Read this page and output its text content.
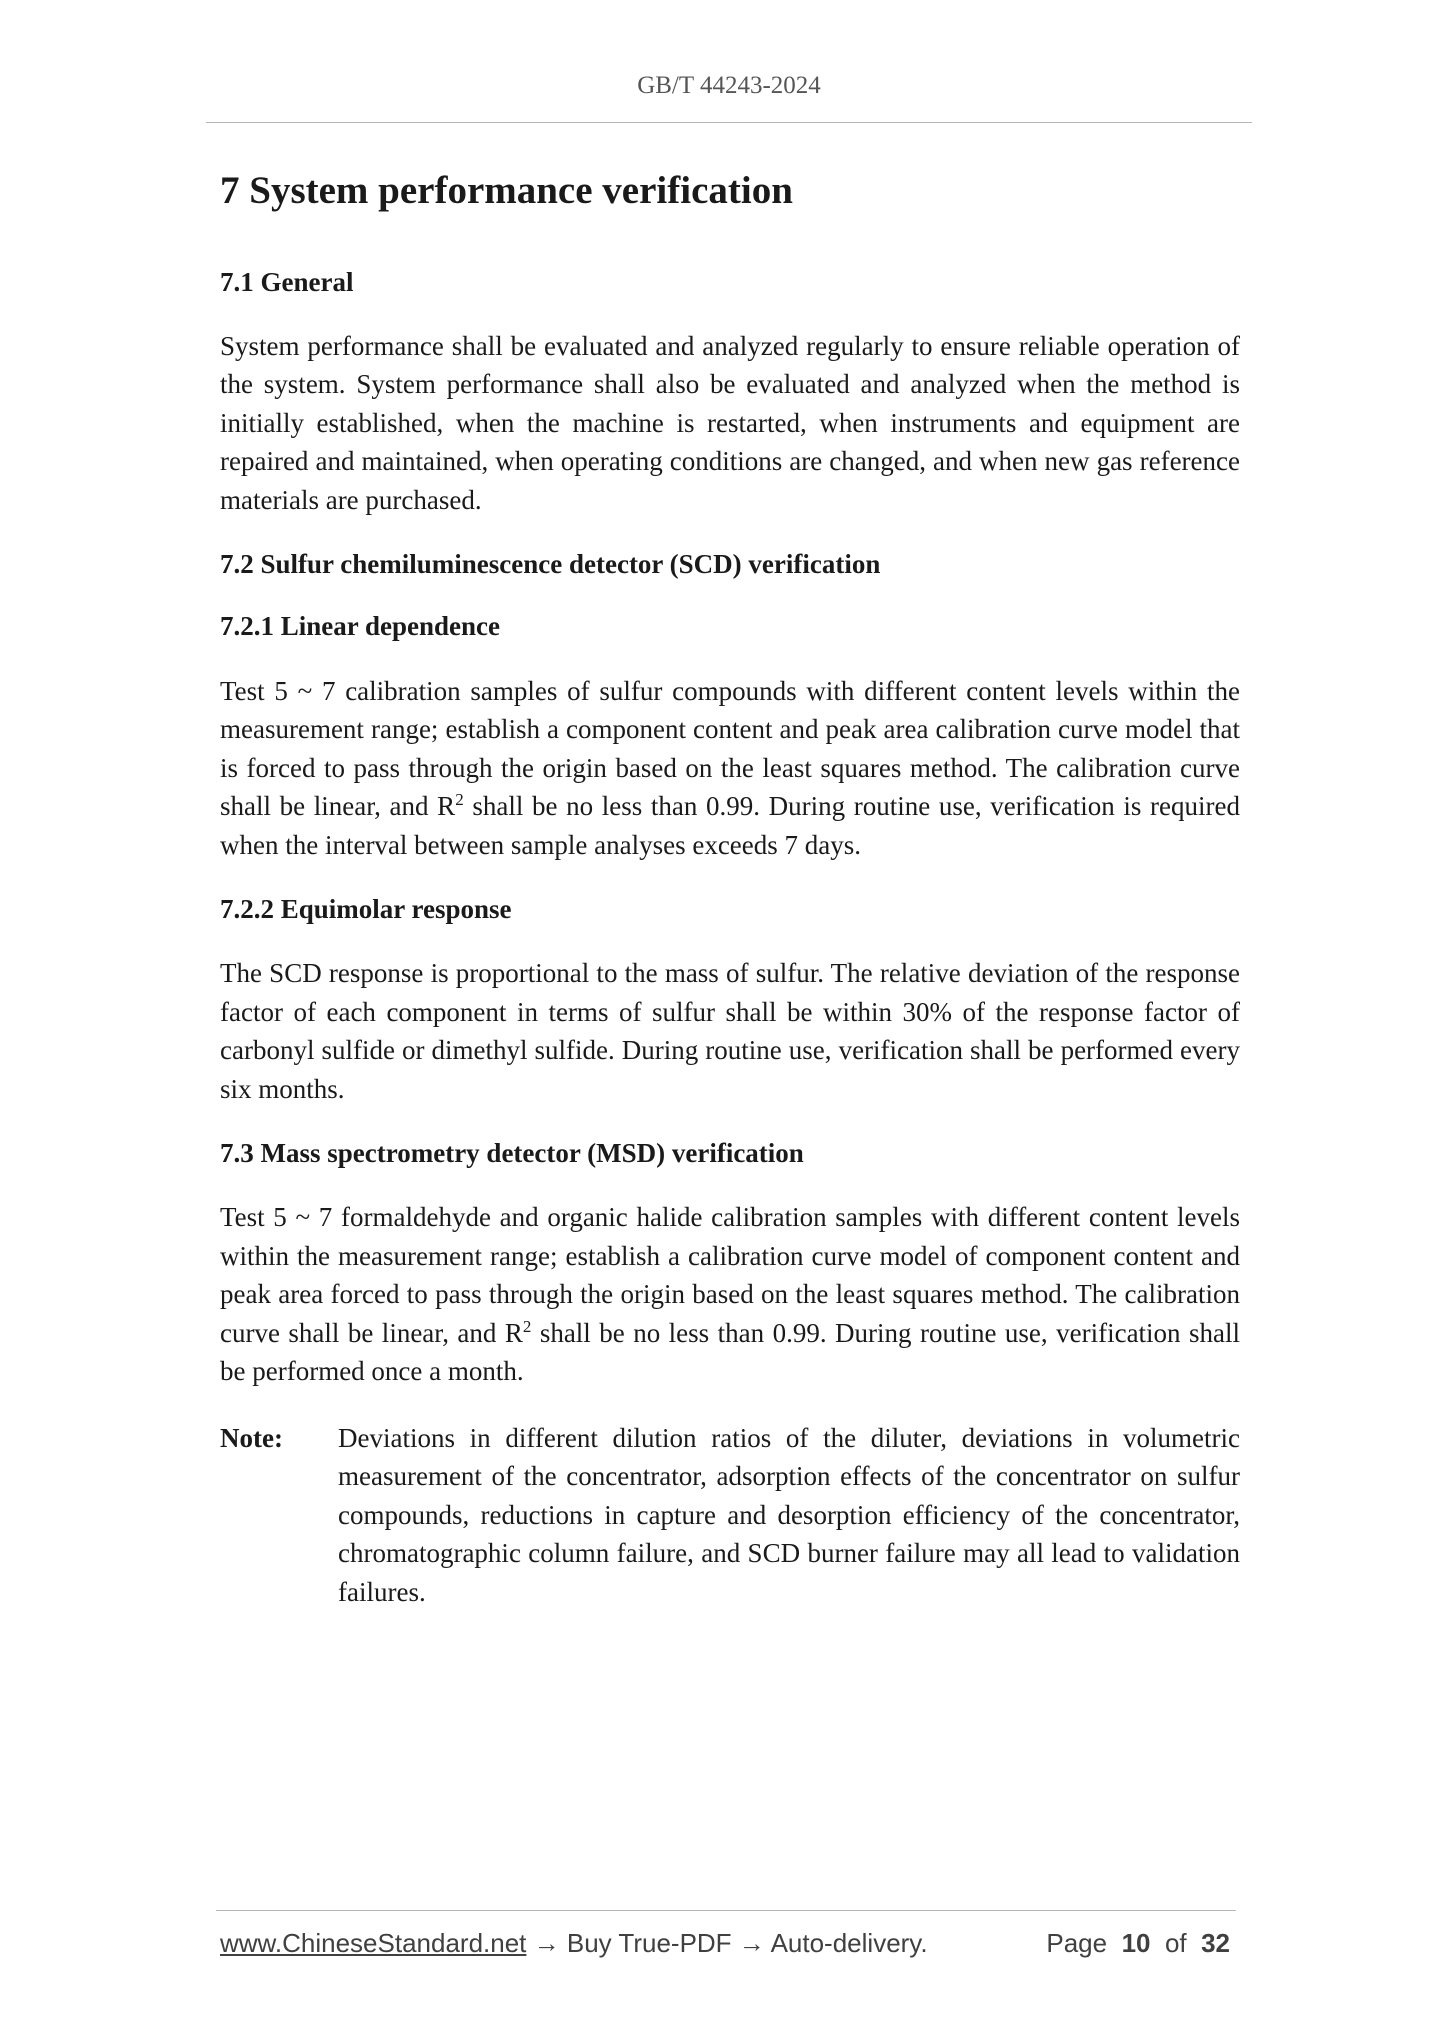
GB/T 44243-2024
7 System performance verification
7.1 General

System performance shall be evaluated and analyzed regularly to ensure reliable operation of the system. System performance shall also be evaluated and analyzed when the method is initially established, when the machine is restarted, when instruments and equipment are repaired and maintained, when operating conditions are changed, and when new gas reference materials are purchased.

7.2 Sulfur chemiluminescence detector (SCD) verification
7.2.1 Linear dependence

Test 5 ~ 7 calibration samples of sulfur compounds with different content levels within the measurement range; establish a component content and peak area calibration curve model that is forced to pass through the origin based on the least squares method. The calibration curve shall be linear, and $R^2$ shall be no less than 0.99. During routine use, verification is required when the interval between sample analyses exceeds 7 days.

7.2.2 Equimolar response

The SCD response is proportional to the mass of sulfur. The relative deviation of the response factor of each component in terms of sulfur shall be within 30% of the response factor of carbonyl sulfide or dimethyl sulfide. During routine use, verification shall be performed every six months.

7.3 Mass spectrometry detector (MSD) verification

Test 5 ~ 7 formaldehyde and organic halide calibration samples with different content levels within the measurement range; establish a calibration curve model of component content and peak area forced to pass through the origin based on the least squares method. The calibration curve shall be linear, and $R^2$ shall be no less than 0.99. During routine use, verification shall be performed once a month.

Note:	Deviations in different dilution ratios of the diluter, deviations in volumetric measurement of the concentrator, adsorption effects of the concentrator on sulfur compounds, reductions in capture and desorption efficiency of the concentrator, chromatographic column failure, and SCD burner failure may all lead to validation failures.
www.ChineseStandard.net → Buy True-PDF → Auto-delivery.	Page 10 of 32
